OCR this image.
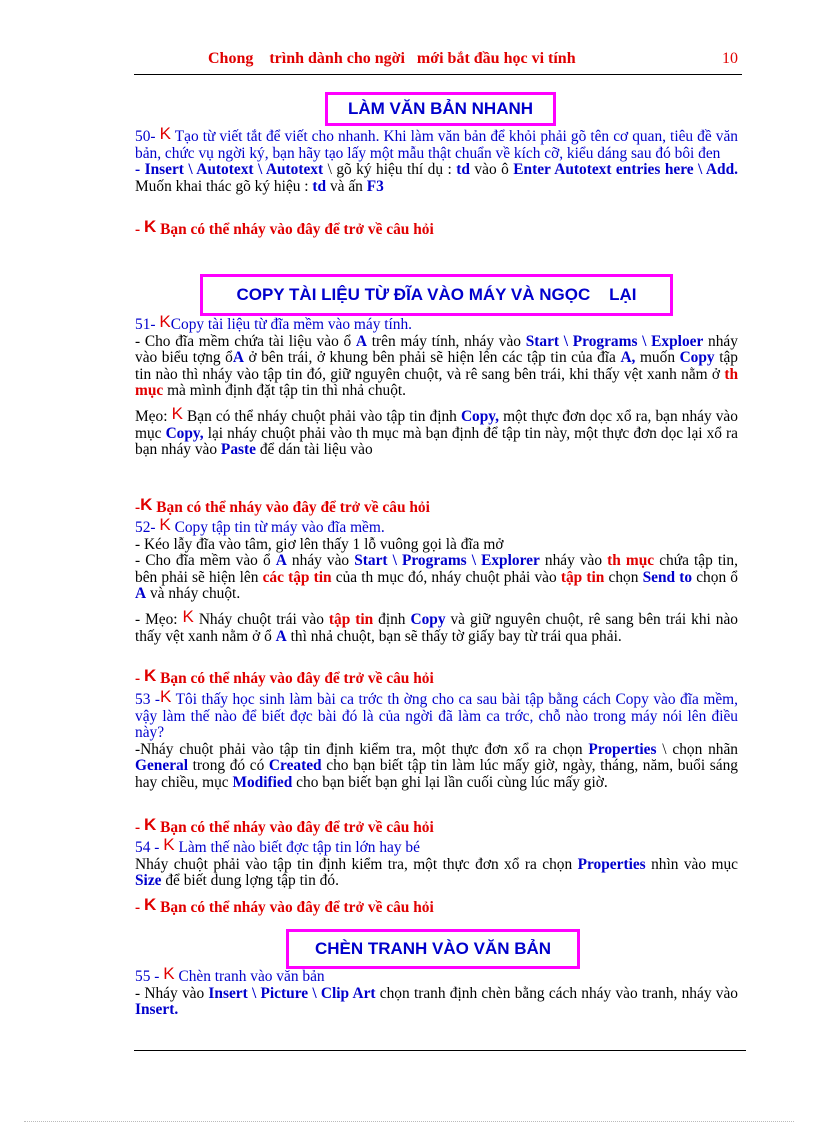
Chong    trình dành cho ngời   mới bắt đầu học vi tính	10
LÀM VĂN BẢN NHANH

50- K Tạo từ viết tắt để viết cho nhanh. Khi làm văn bản để khỏi phải gõ tên cơ quan, tiêu đề văn bản, chức vụ ngời ký, bạn hãy tạo lấy một mẫu thật chuẩn về kích cỡ, kiểu dáng sau đó bôi đen

- Insert \ Autotext \ Autotext \ gõ ký hiệu thí dụ : td vào ô Enter Autotext entries here \ Add. Muốn khai thác gõ ký hiệu : td và ấn F3

- K Bạn có thể nháy vào đây để trở về câu hỏi
COPY TÀI LIỆU TỪ ĐĨA VÀO MÁY VÀ NGỌC    LẠI

51- KCopy tài liệu từ đĩa mềm vào máy tính.

- Cho đĩa mềm chứa tài liệu vào ổ A trên máy tính, nháy vào Start \ Programs \ Exploer nháy vào biểu tợng ổA ở bên trái, ở khung bên phải sẽ hiện lên các tập tin của đĩa A, muốn Copy tập tin nào thì nháy vào tập tin đó, giữ nguyên chuột, và rê sang bên trái, khi thấy vệt xanh nằm ở th mục mà mình định đặt tập tin thì nhả chuột.

Mẹo: K Bạn có thể nháy chuột phải vào tập tin định Copy, một thực đơn dọc xổ ra, bạn nháy vào mục Copy, lại nháy chuột phải vào th mục mà bạn định để tập tin này, một thực đơn dọc lại xổ ra bạn nháy vào Paste để dán tài liệu vào

-K Bạn có thể nháy vào đây để trở về câu hỏi

52- K Copy tập tin từ máy vào đĩa mềm.

- Kéo lẫy đĩa vào tâm, giơ lên thấy 1 lỗ vuông gọi là đĩa mở

- Cho đĩa mềm vào ổ A nháy vào Start \ Programs \ Explorer nháy vào th mục chứa tập tin, bên phải sẽ hiện lên các tập tin của th mục đó, nháy chuột phải vào tập tin chọn Send to chọn ổ A và nháy chuột.

- Mẹo: K Nháy chuột trái vào tập tin định Copy và giữ nguyên chuột, rê sang bên trái khi nào thấy vệt xanh nằm ở ổ A thì nhả chuột, bạn sẽ thấy tờ giấy bay từ trái qua phải.

- K Bạn có thể nháy vào đây để trở về câu hỏi

53 -K Tôi thấy học sinh làm bài ca trớc th ờng cho ca sau bài tập bằng cách Copy vào đĩa mềm, vậy làm thế nào để biết đợc bài đó là của ngời đã làm ca trớc, chỗ nào trong máy nói lên điều này?

-Nháy chuột phải vào tập tin định kiểm tra, một thực đơn xổ ra chọn Properties \ chọn nhãn General trong đó có Created cho bạn biết tập tin làm lúc mấy giờ, ngày, tháng, năm, buổi sáng hay chiều, mục Modified cho bạn biết bạn ghi lại lần cuối cùng lúc mấy giờ.

- K Bạn có thể nháy vào đây để trở về câu hỏi

54 - K Làm thế nào biết đợc tập tin lớn hay bé

Nháy chuột phải vào tập tin định kiểm tra, một thực đơn xổ ra chọn Properties nhìn vào mục Size để biết dung lợng tập tin đó.

- K Bạn có thể nháy vào đây để trở về câu hỏi
CHÈN TRANH VÀO VĂN BẢN

55 - K Chèn tranh vào văn bản

- Nháy vào Insert \ Picture \ Clip Art chọn tranh định chèn bằng cách nháy vào tranh, nháy vào Insert.
